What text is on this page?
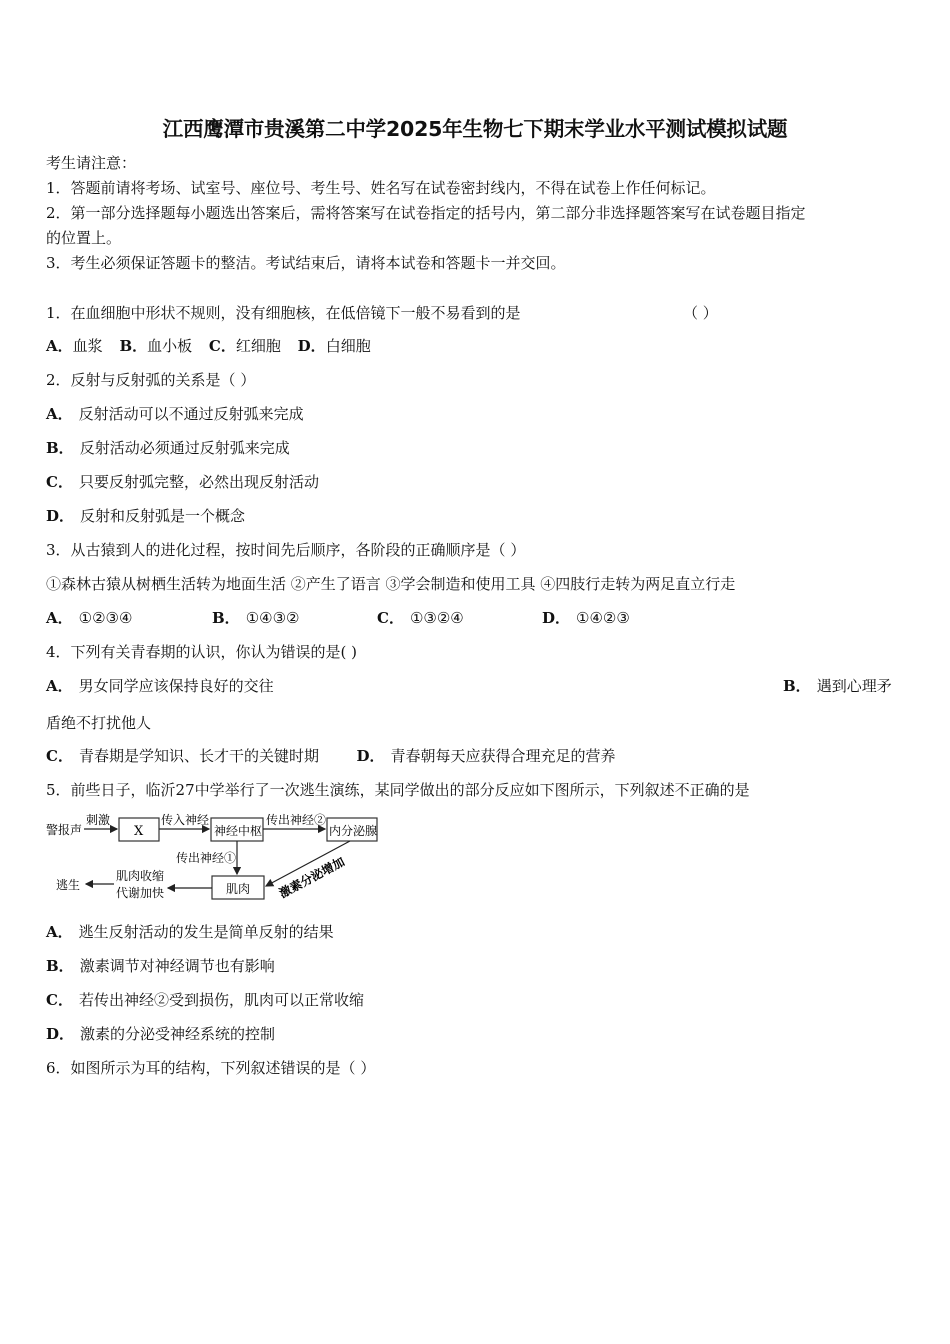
江西鹰潭市贵溪第二中学2025年生物七下期末学业水平测试模拟试题
考生请注意：
1．答题前请将考场、试室号、座位号、考生号、姓名写在试卷密封线内，不得在试卷上作任何标记。
2．第一部分选择题每小题选出答案后，需将答案写在试卷指定的括号内，第二部分非选择题答案写在试卷题目指定
的位置上。
3．考生必须保证答题卡的整洁。考试结束后，请将本试卷和答题卡一并交回。
1．在血细胞中形状不规则，没有细胞核，在低倍镜下一般不易看到的是	（ ）
A．血浆 B．血小板 C．红细胞 D．白细胞
2．反射与反射弧的关系是（ ）
A． 反射活动可以不通过反射弧来完成
B． 反射活动必须通过反射弧来完成
C． 只要反射弧完整，必然出现反射活动
D． 反射和反射弧是一个概念
3．从古猿到人的进化过程，按时间先后顺序，各阶段的正确顺序是（ ）
①森林古猿从树栖生活转为地面生活 ②产生了语言 ③学会制造和使用工具 ④四肢行走转为两足直立行走
A． ①②③④	B． ①④③②	C． ①③②④	D． ①④②③
4．下列有关青春期的认识，你认为错误的是( )
A． 男女同学应该保持良好的交往	B． 遇到心理矛
盾绝不打扰他人
C． 青春期是学知识、长才干的关键时期	D． 青春朝每天应获得合理充足的营养
5．前些日子，临沂27中学举行了一次逃生演练，某同学做出的部分反应如下图所示，下列叙述不正确的是
警报声
刺激
X
传入神经
神经中枢
传出神经②
内分泌腺
传出神经①
肌肉 激素分泌增加
肌肉收缩
代谢加快
逃生
A． 逃生反射活动的发生是简单反射的结果
B． 激素调节对神经调节也有影响
C． 若传出神经②受到损伤，肌肉可以正常收缩
D． 激素的分泌受神经系统的控制
6．如图所示为耳的结构，下列叙述错误的是（ ）
